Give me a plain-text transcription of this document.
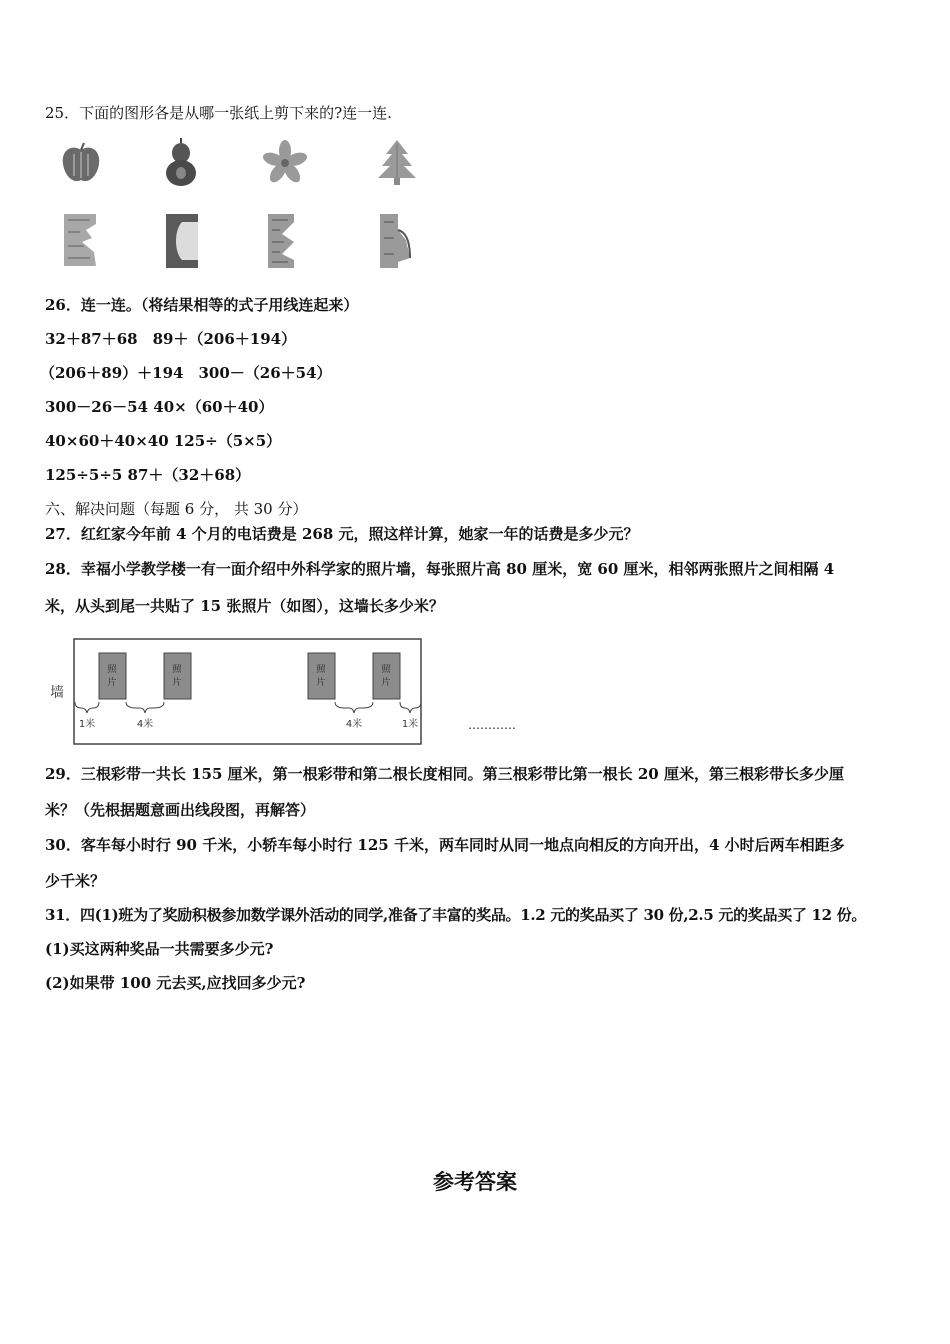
25．下面的图形各是从哪一张纸上剪下来的?连一连.
26．连一连。（将结果相等的式子用线连起来）
32＋87＋68　89＋（206＋194）
（206＋89）＋194　300－（26＋54）
300－26－54 40×（60＋40）
40×60＋40×40 125÷（5×5）
125÷5÷5 87＋（32＋68）
六、解决问题（每题 6 分， 共 30 分）
27．红红家今年前 4 个月的电话费是 268 元，照这样计算，她家一年的话费是多少元？
28．幸福小学教学楼一有一面介绍中外科学家的照片墙，每张照片高 80 厘米，宽 60 厘米，相邻两张照片之间相隔 4
米，从头到尾一共贴了 15 张照片（如图），这墙长多少米？
墙
照
片
照
片
照
片
照
片
1米	4米	4米	1米	…………
29．三根彩带一共长 155 厘米，第一根彩带和第二根长度相同。第三根彩带比第一根长 20 厘米，第三根彩带长多少厘
米？（先根据题意画出线段图，再解答）
30．客车每小时行 90 千米，小轿车每小时行 125 千米，两车同时从同一地点向相反的方向开出，4 小时后两车相距多
少千米？
31．四(1)班为了奖励积极参加数学课外活动的同学,准备了丰富的奖品。1.2 元的奖品买了 30 份,2.5 元的奖品买了 12 份。
(1)买这两种奖品一共需要多少元?
(2)如果带 100 元去买,应找回多少元?
参考答案
